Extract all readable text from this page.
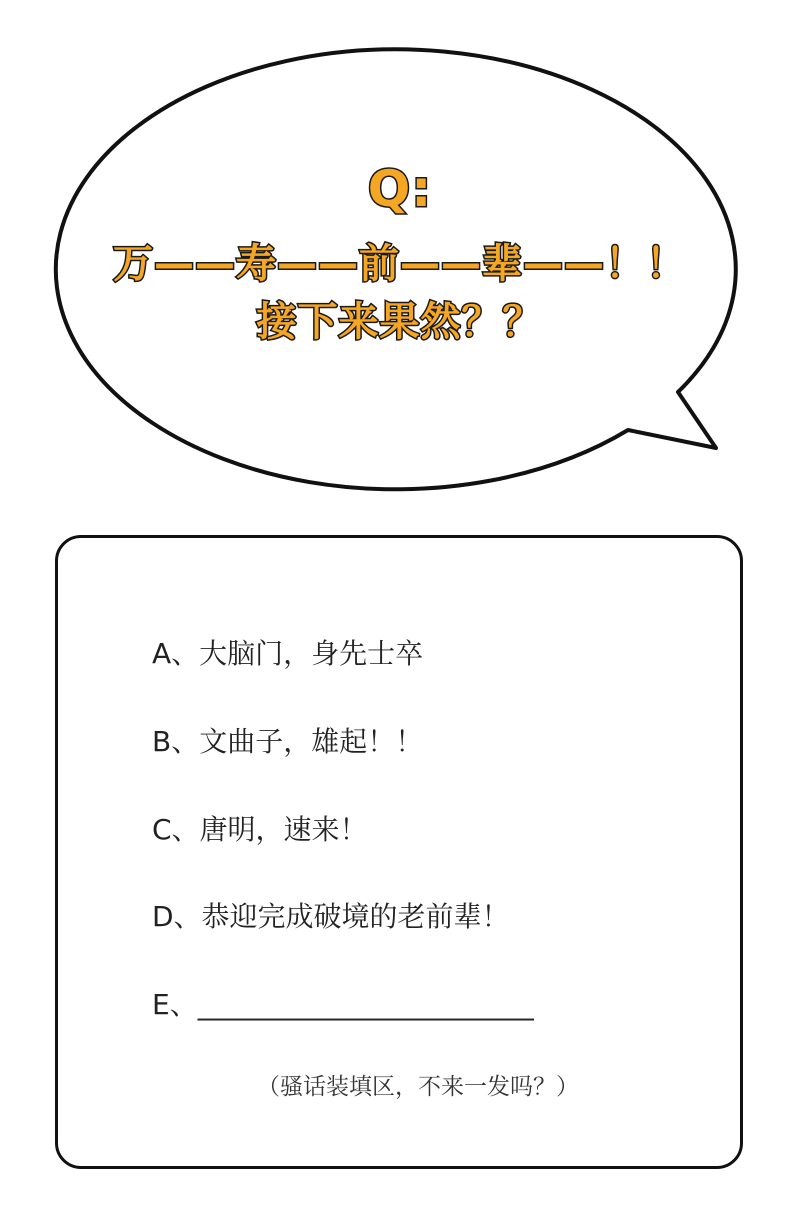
Q:
万——寿——前——辈——！！
接下来果然？？
A、大脑门，身先士卒
B、文曲子，雄起！！
C、唐明，速来！
D、恭迎完成破境的老前辈！
E、________________________
（骚话装填区，不来一发吗？）
